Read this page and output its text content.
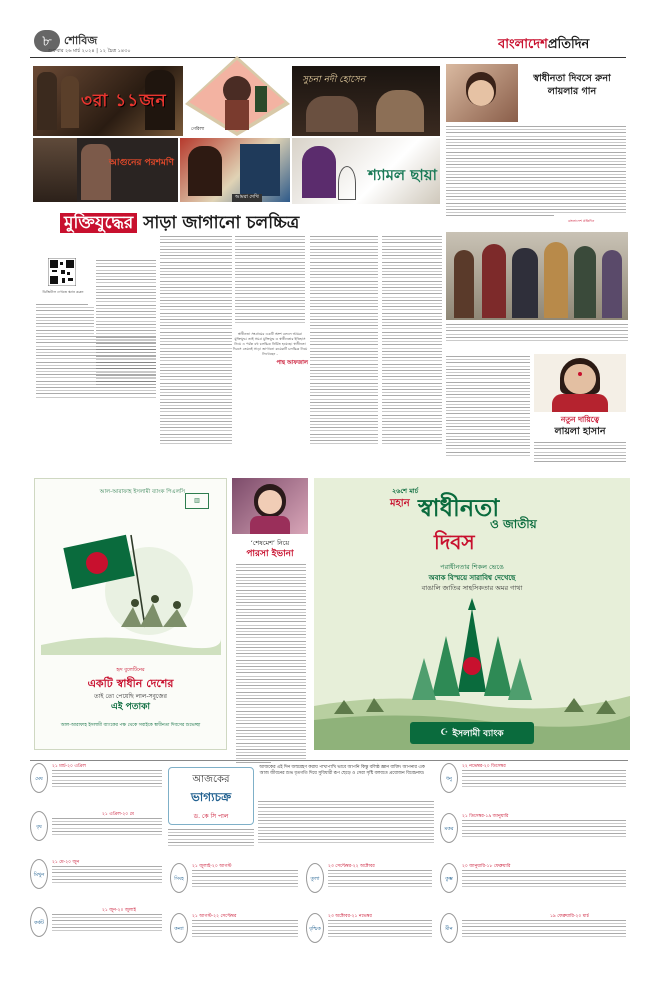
৮	শোবিজ
শুক্রবার ২৬ মার্চ ২০২৪ | ১২ চৈত্র ১৪৩০	বাংলাদেশপ্রতিদিন
৩রা ১১জন
গেরিলা
সুচনা নদী হোসেন
আগুনের পরশমণি
আমরা দেখি
শ্যামল ছায়া
মুক্তিযুদ্ধের সাড়া জাগানো চলচ্চিত্র
ডিজিটাল দেখতে স্ক্যান করুন
স্বাধীনতা সংগ্রামের একটি অংশ বললে আমরা মুক্তিযুদ্ধ। তাই সমগ্র মুক্তিযুদ্ধ ও স্বাধীনতার ইতিহাস নিয়ে এ পর্যন্ত বহু চলচ্চিত্র নির্মিত হয়েছে। স্বাধীনতা দিবসে তেমনই সাড়া জাগানো কয়েকটি চলচ্চিত্র নিয়ে লিখেছেন -
পান্থ আফজাল
স্বাধীনতা দিবসে রুনা লায়লার গান
বাংলাদেশ প্রতিদিন
নতুন দায়িত্বে
লায়লা হাসান
▥
আল-আরাফাহ ইসলামী ব্যাংক পিএলসি
হৃদ বুলেটিনের
একটি স্বাধীন দেশের
তাই তো পেয়েছি লাল-সবুজের
এই পতাকা
আল-আরাফাহ ইসলামী ব্যাংকের পক্ষ থেকে সবাইকে স্বাধীনতা দিবসের শুভেচ্ছা
‘শেষমেশ’ নিয়ে
পারসা ইভানা
২৬শে মার্চ
মহান স্বাধীনতা
ও জাতীয়
দিবস
পরাধীনতার শিকল ভেঙে
অবাক বিস্ময়ে সারাবিশ্ব দেখেছে
বাঙালি জাতির সাহসিকতার অমর গাথা
☪ ইসলামী ব্যাংক
আজকের
ভাগ্যচক্র
ড. কে সি পাল
আজকের এই দিন জন্মগ্রহণ করায় পাখাপাখি ভাবে আপনি কিন্তু বলিষ্ঠ জ্ঞান বাক্তি। আপনার এক আজ জীবনের শুভ ধৃতগতি দিয়ে সুবিধারী রূপ ছেড়ে ও সেরা সৃষ্টি বলবতে প্রয়োজন বিবেচনায়।
মেষ
২১ মার্চ-২০ এপ্রিল
বৃষ
২১ এপ্রিল-২০ মে
মিথুন
২১ মে-২০ জুন
কর্কট
২১ জুন-২০ জুলাই
সিংহ
২১ জুলাই-২০ আগস্ট
কন্যা
২১ আগস্ট-২২ সেপ্টেম্বর
তুলা
২৩ সেপ্টেম্বর-২২ অক্টোবর
বৃশ্চিক
২৩ অক্টোবর-২১ নভেম্বর
ধনু
২২ নভেম্বর-২০ ডিসেম্বর
মকর
২১ ডিসেম্বর-১৯ জানুয়ারি
কুম্ভ
২০ জানুয়ারি-১৮ ফেব্রুয়ারি
মীন
১৯ ফেব্রুয়ারি-২০ মার্চ
